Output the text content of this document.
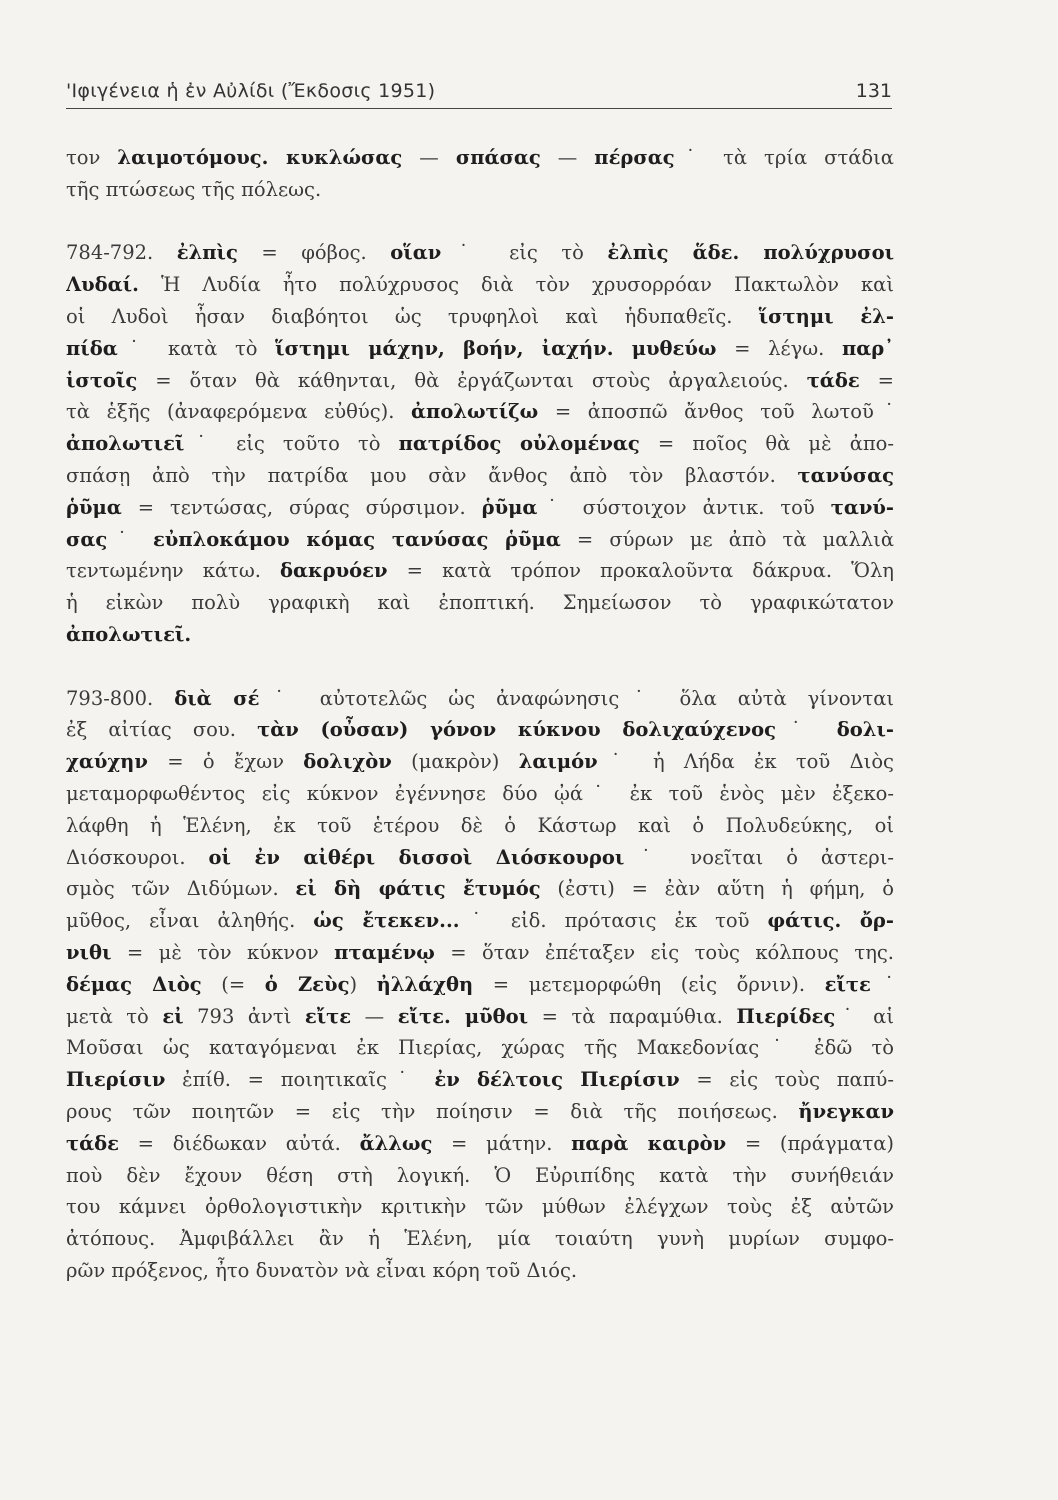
'Ιφιγένεια ἡ ἐν Αὐλίδι (Ἔκδοσις 1951)	131
τον λαιμοτόμους. κυκλώσας — σπάσας — πέρσας˙ τὰ τρία στάδια
τῆς πτώσεως τῆς πόλεως.
784-792. ἐλπὶς = φόβος. οἵαν˙ εἰς τὸ ἐλπὶς ἅδε. πολύχρυσοι
Λυδαί. Ἡ Λυδία ἦτο πολύχρυσος διὰ τὸν χρυσορρόαν Πακτωλὸν καὶ
οἱ Λυδοὶ ἦσαν διαβόητοι ὡς τρυφηλοὶ καὶ ἡδυπαθεῖς. ἵστημι ἐλ-
πίδα˙ κατὰ τὸ ἵστημι μάχην, βοήν, ἰαχήν. μυθεύω = λέγω. παρ᾽
ἱστοῖς = ὅταν θὰ κάθηνται, θὰ ἐργάζωνται στοὺς ἀργαλειούς. τάδε =
τὰ ἑξῆς (ἀναφερόμενα εὐθύς). ἀπολωτίζω = ἀποσπῶ ἄνθος τοῦ λωτοῦ˙
ἀπολωτιεῖ˙ εἰς τοῦτο τὸ πατρίδος οὐλομένας = ποῖος θὰ μὲ ἀπο-
σπάσῃ ἀπὸ τὴν πατρίδα μου σὰν ἄνθος ἀπὸ τὸν βλαστόν. τανύσας
ῥῦμα = τεντώσας, σύρας σύρσιμον. ῥῦμα˙ σύστοιχον ἀντικ. τοῦ τανύ-
σας˙ εὐπλοκάμου κόμας τανύσας ῥῦμα = σύρων με ἀπὸ τὰ μαλλιὰ
τεντωμένην κάτω. δακρυόεν = κατὰ τρόπον προκαλοῦντα δάκρυα. Ὅλη
ἡ εἰκὼν πολὺ γραφικὴ καὶ ἐποπτική. Σημείωσον τὸ γραφικώτατον
ἀπολωτιεῖ.
793-800. διὰ σέ˙ αὐτοτελῶς ὡς ἀναφώνησις˙ ὅλα αὐτὰ γίνονται
ἐξ αἰτίας σου. τὰν (οὖσαν) γόνον κύκνου δολιχαύχενος˙ δολι-
χαύχην = ὁ ἔχων δολιχὸν (μακρὸν) λαιμόν˙ ἡ Λήδα ἐκ τοῦ Διὸς
μεταμορφωθέντος εἰς κύκνον ἐγέννησε δύο ᾠά˙ ἐκ τοῦ ἑνὸς μὲν ἐξεκο-
λάφθη ἡ Ἑλένη, ἐκ τοῦ ἑτέρου δὲ ὁ Κάστωρ καὶ ὁ Πολυδεύκης, οἱ
Διόσκουροι. οἱ ἐν αἰθέρι δισσοὶ Διόσκουροι˙ νοεῖται ὁ ἀστερι-
σμὸς τῶν Διδύμων. εἰ δὴ φάτις ἔτυμός (ἐστι) = ἐὰν αὕτη ἡ φήμη, ὁ
μῦθος, εἶναι ἀληθής. ὡς ἔτεκεν...˙ εἰδ. πρότασις ἐκ τοῦ φάτις. ὄρ-
νιθι = μὲ τὸν κύκνον πταμένῳ = ὅταν ἐπέταξεν εἰς τοὺς κόλπους της.
δέμας Διὸς (= ὁ Ζεὺς) ἠλλάχθη = μετεμορφώθη (εἰς ὄρνιν). εἴτε˙
μετὰ τὸ εἰ 793 ἀντὶ εἴτε — εἴτε. μῦθοι = τὰ παραμύθια. Πιερίδες˙ αἱ
Μοῦσαι ὡς καταγόμεναι ἐκ Πιερίας, χώρας τῆς Μακεδονίας˙ ἐδῶ τὸ
Πιερίσιν ἐπίθ. = ποιητικαῖς˙ ἐν δέλτοις Πιερίσιν = εἰς τοὺς παπύ-
ρους τῶν ποιητῶν = εἰς τὴν ποίησιν = διὰ τῆς ποιήσεως. ἤνεγκαν
τάδε = διέδωκαν αὐτά. ἄλλως = μάτην. παρὰ καιρὸν = (πράγματα)
ποὺ δὲν ἔχουν θέση στὴ λογική. Ὁ Εὐριπίδης κατὰ τὴν συνήθειάν
του κάμνει ὀρθολογιστικὴν κριτικὴν τῶν μύθων ἐλέγχων τοὺς ἐξ αὐτῶν
ἀτόπους. Ἀμφιβάλλει ἂν ἡ Ἑλένη, μία τοιαύτη γυνὴ μυρίων συμφο-
ρῶν πρόξενος, ἦτο δυνατὸν νὰ εἶναι κόρη τοῦ Διός.
